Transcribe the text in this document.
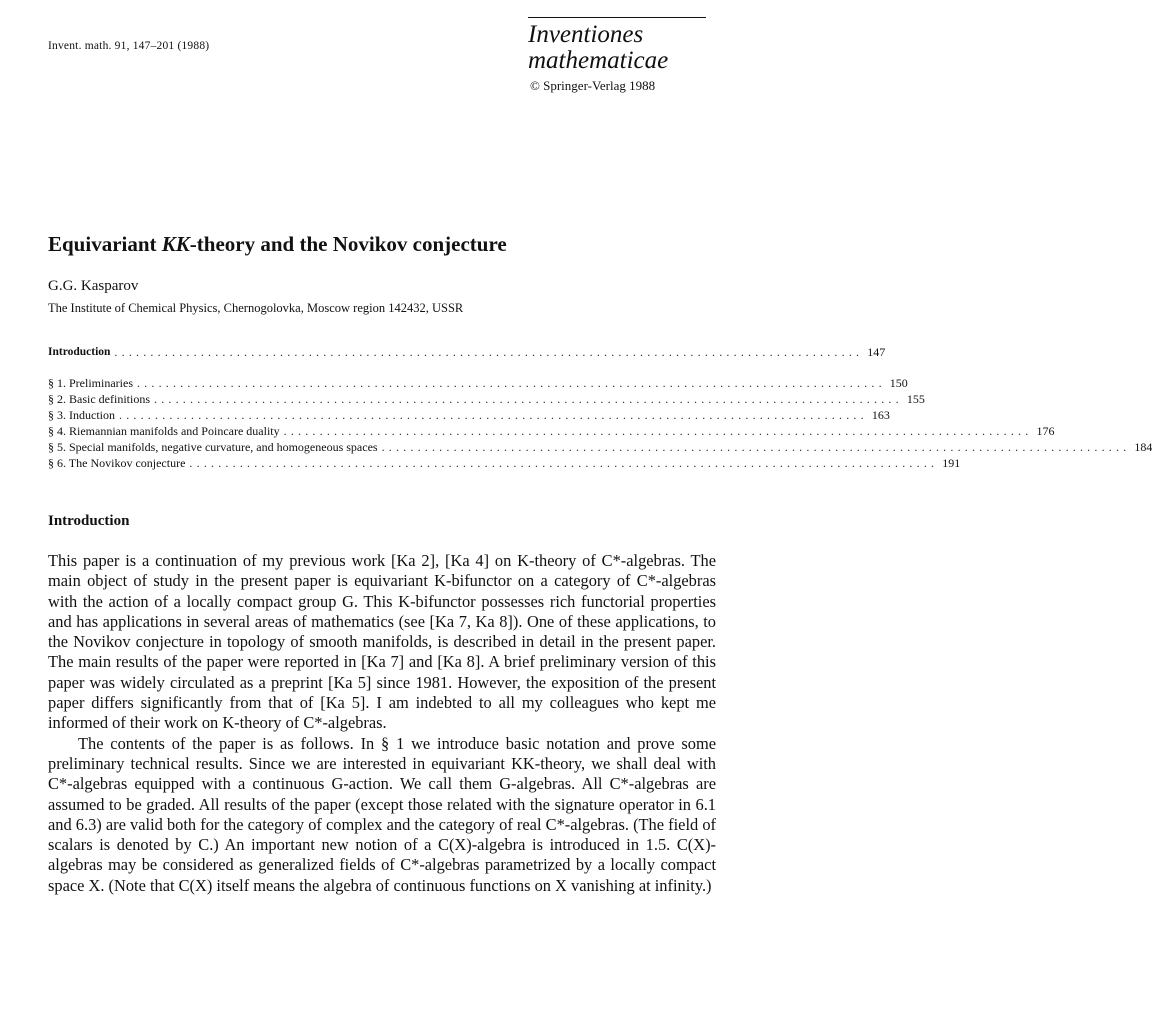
Invent. math. 91, 147–201 (1988)	Inventiones
mathematicae
© Springer-Verlag 1988
Equivariant KK-theory and the Novikov conjecture
G.G. Kasparov
The Institute of Chemical Physics, Chernogolovka, Moscow region 142432, USSR
Introduction ........................................................................................................ 147
§ 1. Preliminaries ........................................................................................................ 150
§ 2. Basic definitions ........................................................................................................ 155
§ 3. Induction ........................................................................................................ 163
§ 4. Riemannian manifolds and Poincare duality ........................................................................................................ 176
§ 5. Special manifolds, negative curvature, and homogeneous spaces ........................................................................................................ 184
§ 6. The Novikov conjecture ........................................................................................................ 191
Introduction

This paper is a continuation of my previous work [Ka 2], [Ka 4] on K-theory of C*-algebras. The main object of study in the present paper is equivariant K-bifunctor on a category of C*-algebras with the action of a locally compact group G. This K-bifunctor possesses rich functorial properties and has applications in several areas of mathematics (see [Ka 7, Ka 8]). One of these applications, to the Novikov conjecture in topology of smooth manifolds, is described in detail in the present paper. The main results of the paper were reported in [Ka 7] and [Ka 8]. A brief preliminary version of this paper was widely circulated as a preprint [Ka 5] since 1981. However, the exposition of the present paper differs significantly from that of [Ka 5]. I am indebted to all my colleagues who kept me informed of their work on K-theory of C*-algebras.

The contents of the paper is as follows. In § 1 we introduce basic notation and prove some preliminary technical results. Since we are interested in equivariant KK-theory, we shall deal with C*-algebras equipped with a continuous G-action. We call them G-algebras. All C*-algebras are assumed to be graded. All results of the paper (except those related with the signature operator in 6.1 and 6.3) are valid both for the category of complex and the category of real C*-algebras. (The field of scalars is denoted by C.) An important new notion of a C(X)-algebra is introduced in 1.5. C(X)-algebras may be considered as generalized fields of C*-algebras parametrized by a locally compact space X. (Note that C(X) itself means the algebra of continuous functions on X vanishing at infinity.)
